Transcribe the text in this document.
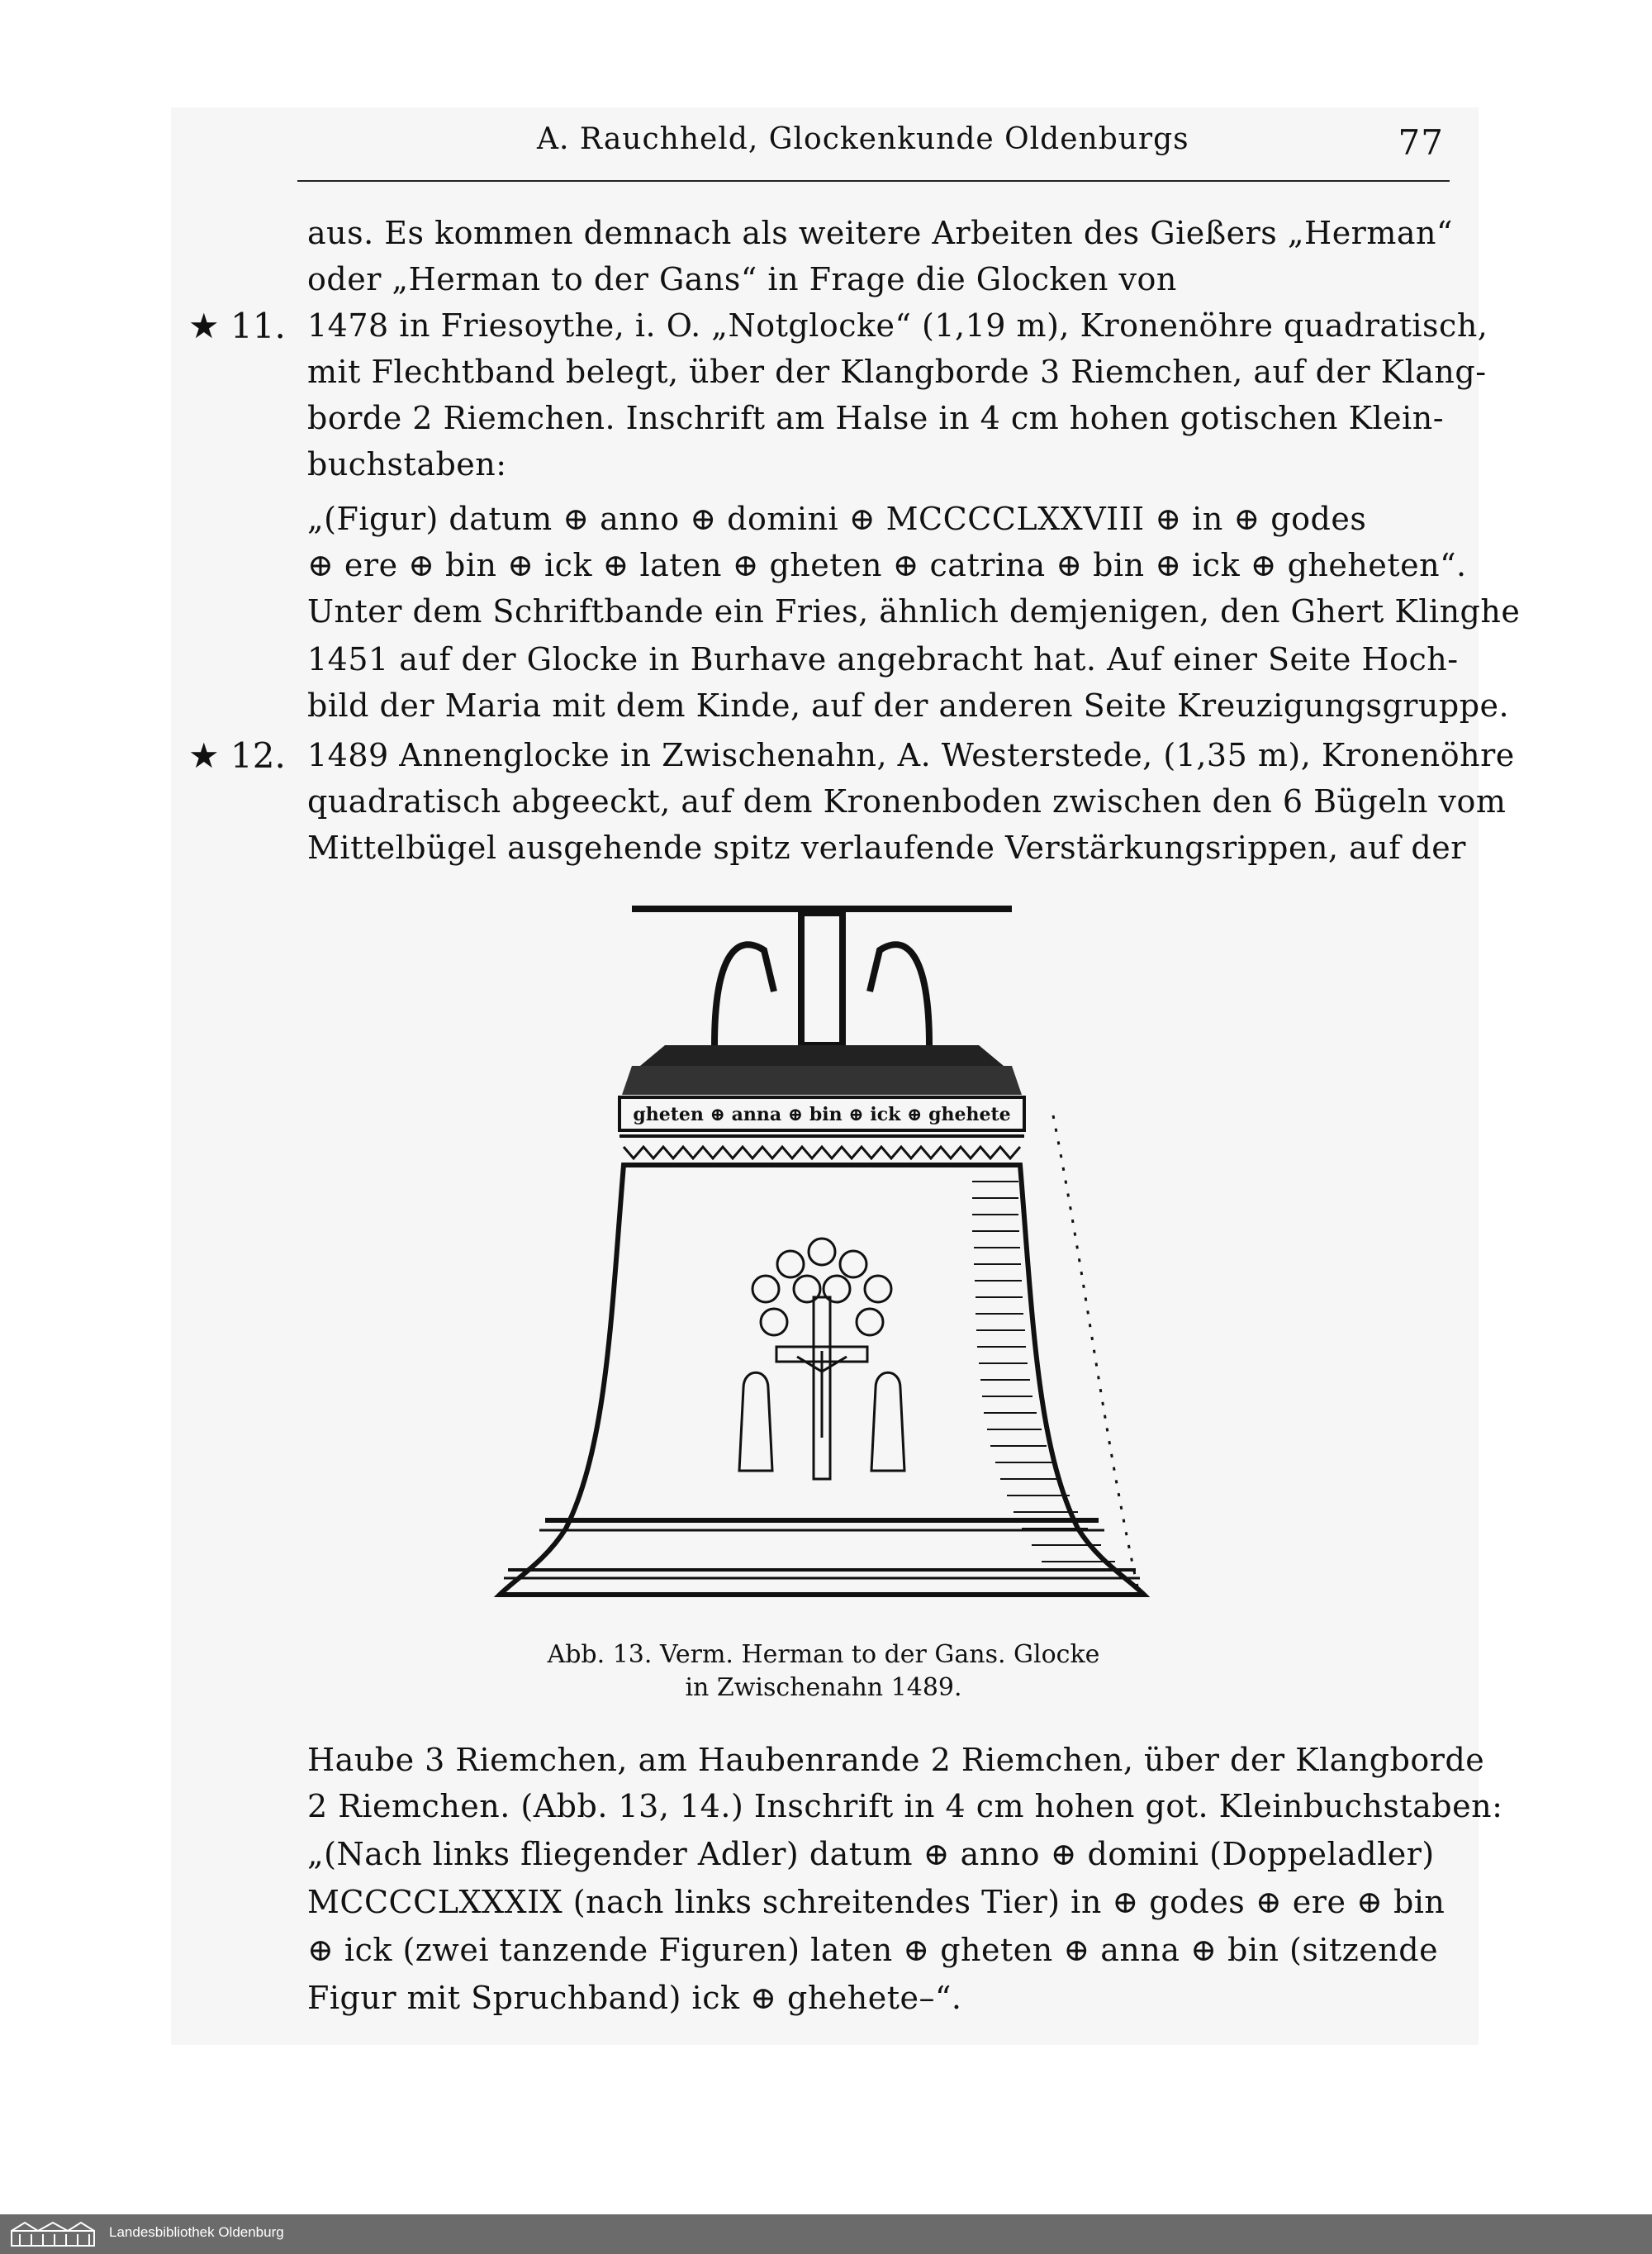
A. Rauchheld, Glockenkunde Oldenburgs	77
aus. Es kommen demnach als weitere Arbeiten des Gießers „Herman“
oder „Herman to der Gans“ in Frage die Glocken von
★ 11. 1478 in Friesoythe, i. O. „Notglocke“ (1,19 m), Kronenöhre quadratisch,
mit Flechtband belegt, über der Klangborde 3 Riemchen, auf der Klang-
borde 2 Riemchen. Inschrift am Halse in 4 cm hohen gotischen Klein-
buchstaben:
„(Figur) datum ⊕ anno ⊕ domini ⊕ MCCCCLXXVIII ⊕ in ⊕ godes
⊕ ere ⊕ bin ⊕ ick ⊕ laten ⊕ gheten ⊕ catrina ⊕ bin ⊕ ick ⊕ gheheten“.
Unter dem Schriftbande ein Fries, ähnlich demjenigen, den Ghert Klinghe
1451 auf der Glocke in Burhave angebracht hat. Auf einer Seite Hoch-
bild der Maria mit dem Kinde, auf der anderen Seite Kreuzigungsgruppe.
★ 12. 1489 Annenglocke in Zwischenahn, A. Westerstede, (1,35 m), Kronenöhre
quadratisch abgeeckt, auf dem Kronenboden zwischen den 6 Bügeln vom
Mittelbügel ausgehende spitz verlaufende Verstärkungsrippen, auf der
gheten ⊕ anna ⊕ bin ⊕ ick ⊕ ghehete
Abb. 13. Verm. Herman to der Gans. Glocke
in Zwischenahn 1489.
Haube 3 Riemchen, am Haubenrande 2 Riemchen, über der Klangborde
2 Riemchen. (Abb. 13, 14.) Inschrift in 4 cm hohen got. Kleinbuchstaben:
„(Nach links fliegender Adler) datum ⊕ anno ⊕ domini (Doppeladler)
MCCCCLXXXIX (nach links schreitendes Tier) in ⊕ godes ⊕ ere ⊕ bin
⊕ ick (zwei tanzende Figuren) laten ⊕ gheten ⊕ anna ⊕ bin (sitzende
Figur mit Spruchband) ick ⊕ ghehete–“.
Landesbibliothek Oldenburg
